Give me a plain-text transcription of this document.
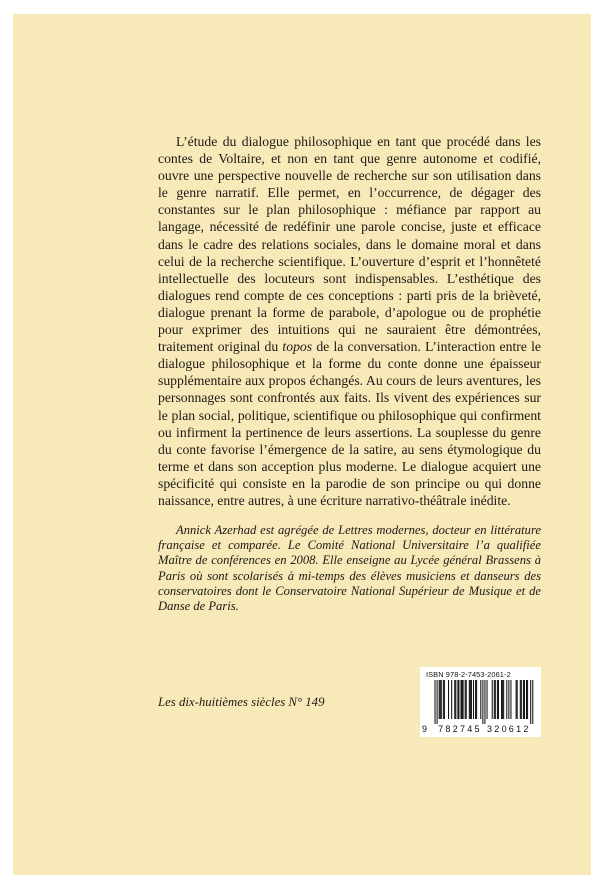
L’étude du dialogue philosophique en tant que procédé dans les contes de Voltaire, et non en tant que genre autonome et codifié, ouvre une perspective nouvelle de recherche sur son utilisation dans le genre narratif. Elle permet, en l’occurrence, de dégager des constantes sur le plan philosophique : méfiance par rapport au langage, nécessité de redéfinir une parole concise, juste et efficace dans le cadre des relations sociales, dans le domaine moral et dans celui de la recherche scientifique. L’ouverture d’esprit et l’honnêteté intellectuelle des locuteurs sont indispensables. L’esthétique des dialogues rend compte de ces conceptions : parti pris de la brièveté, dialogue prenant la forme de parabole, d’apologue ou de prophétie pour exprimer des intuitions qui ne sauraient être démontrées, traitement original du topos de la conversation. L’interaction entre le dialogue philosophique et la forme du conte donne une épaisseur supplémentaire aux propos échangés. Au cours de leurs aventures, les personnages sont confrontés aux faits. Ils vivent des expériences sur le plan social, politique, scientifique ou philosophique qui confirment ou infirment la pertinence de leurs assertions. La souplesse du genre du conte favorise l’émergence de la satire, au sens étymologique du terme et dans son acception plus moderne. Le dialogue acquiert une spécificité qui consiste en la parodie de son principe ou qui donne naissance, entre autres, à une écriture narrativo-théâtrale inédite.

Annick Azerhad est agrégée de Lettres modernes, docteur en littérature française et comparée. Le Comité National Universitaire l’a qualifiée Maître de conférences en 2008. Elle enseigne au Lycée général Brassens à Paris où sont scolarisés à mi-temps des élèves musiciens et danseurs des conservatoires dont le Conservatoire National Supérieur de Musique et de Danse de Paris.

Les dix-huitièmes siècles N° 149

ISBN 978-2-7453-2061-2
9 7 8 2 7 4 5 3 2 0 6 1 2
